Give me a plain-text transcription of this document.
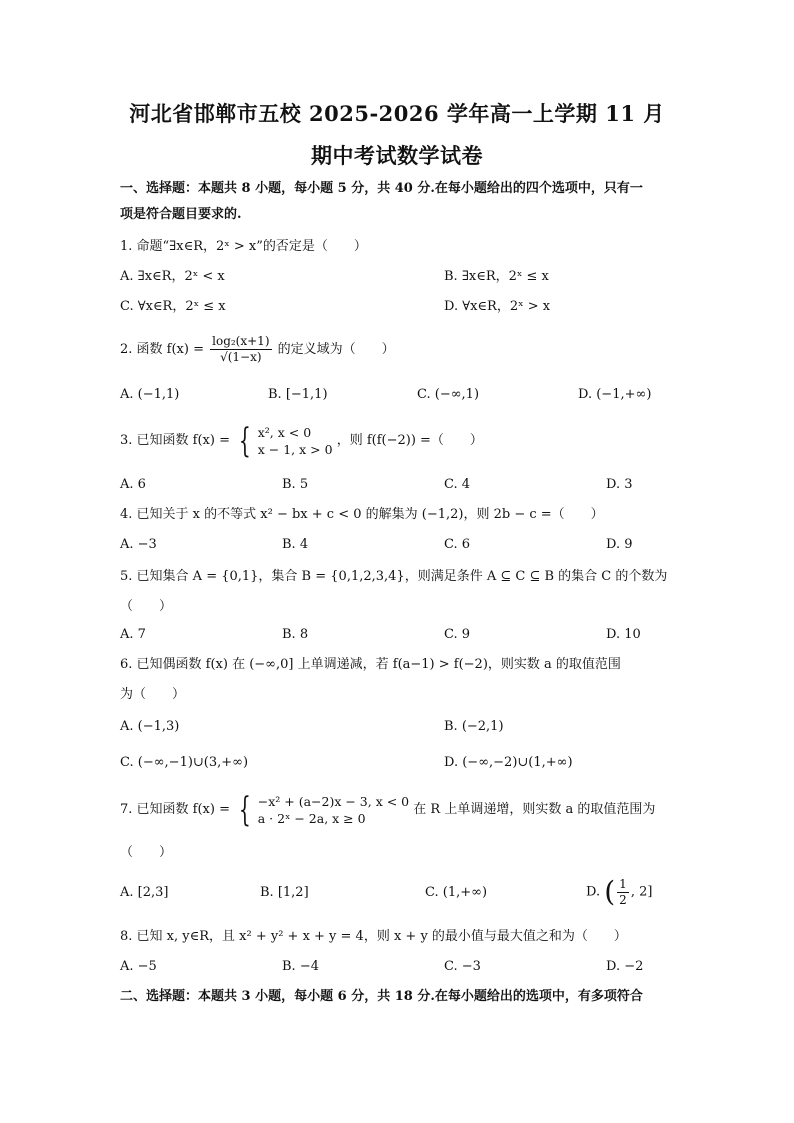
河北省邯郸市五校 2025-2026 学年高一上学期 11 月
期中考试数学试卷
一、选择题：本题共 8 小题，每小题 5 分，共 40 分.在每小题给出的四个选项中，只有一
项是符合题目要求的.
1. 命题“∃x∈R，2ˣ > x”的否定是（　　）
A. ∃x∈R，2ˣ < x	B. ∃x∈R，2ˣ ≤ x
C. ∀x∈R，2ˣ ≤ x	D. ∀x∈R，2ˣ > x
2. 函数 $f(x) = \frac{\text{log₂(x+1)}}{√(1-x)}$ 的定义域为（　　）
A. (−1,1)	B. [−1,1)	C. (−∞,1)	D. (−1,+∞)
3. 已知函数 f(x) = { x², x < 0
x − 1, x > 0
，则 f(f(−2)) =（　　）
A. 6	B. 5	C. 4	D. 3
4. 已知关于 x 的不等式 x² − bx + c < 0 的解集为 (−1,2)，则 2b − c =（　　）
A. −3	B. 4	C. 6	D. 9
5. 已知集合 A = {0,1}，集合 B = {0,1,2,3,4}，则满足条件 A ⊆ C ⊆ B 的集合 C 的个数为
（　　）
A. 7	B. 8	C. 9	D. 10
6. 已知偶函数 f(x) 在 (−∞,0] 上单调递减，若 f(a−1) > f(−2)，则实数 a 的取值范围
为（　　）
A. (−1,3)	B. (−2,1)
C. (−∞,−1)∪(3,+∞)	D. (−∞,−2)∪(1,+∞)
7. 已知函数 f(x) = { −x² + (a−2)x − 3, x < 0
a · 2ˣ − 2a, x ≥ 0
在 R 上单调递增，则实数 a 的取值范围为
（　　）
A. [2,3]	B. [1,2]	C. (1,+∞)	D. ( $\frac{1}{2}$ , 2]
8. 已知 x, y∈R，且 x² + y² + x + y = 4，则 x + y 的最小值与最大值之和为（　　）
A. −5	B. −4	C. −3	D. −2
二、选择题：本题共 3 小题，每小题 6 分，共 18 分.在每小题给出的选项中，有多项符合
